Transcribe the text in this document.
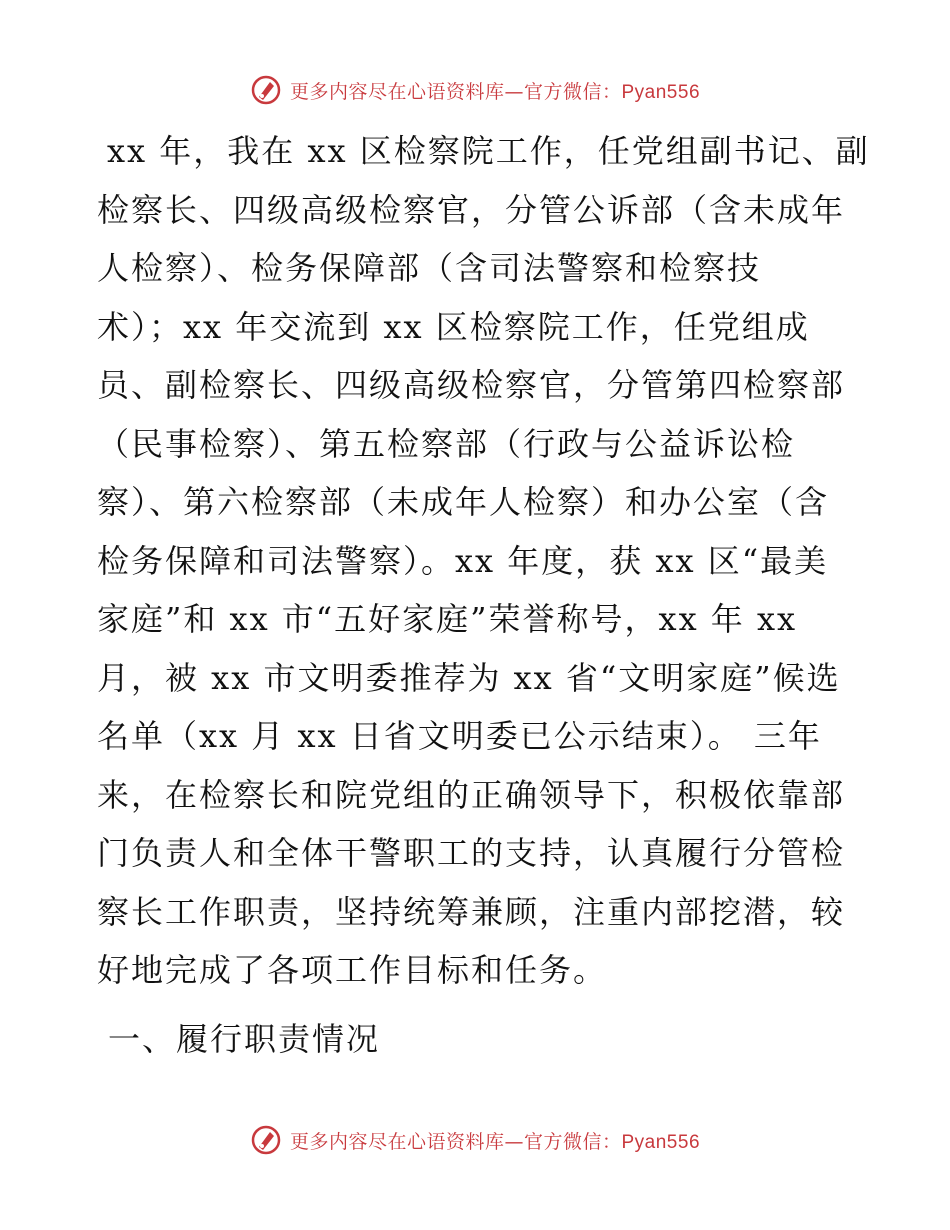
更多内容尽在心语资料库—官方微信：Pyan556
xx 年，我在 xx 区检察院工作，任党组副书记、副
检察长、四级高级检察官，分管公诉部（含未成年
人检察）、检务保障部（含司法警察和检察技
术）；xx 年交流到 xx 区检察院工作，任党组成
员、副检察长、四级高级检察官，分管第四检察部
（民事检察）、第五检察部（行政与公益诉讼检
察）、第六检察部（未成年人检察）和办公室（含
检务保障和司法警察）。xx 年度，获 xx 区“最美
家庭”和 xx 市“五好家庭”荣誉称号，xx 年 xx
月，被 xx 市文明委推荐为 xx 省“文明家庭”候选
名单（xx 月 xx 日省文明委已公示结束）。 三年
来，在检察长和院党组的正确领导下，积极依靠部
门负责人和全体干警职工的支持，认真履行分管检
察长工作职责，坚持统筹兼顾，注重内部挖潜，较
好地完成了各项工作目标和任务。
一、履行职责情况
更多内容尽在心语资料库—官方微信：Pyan556
